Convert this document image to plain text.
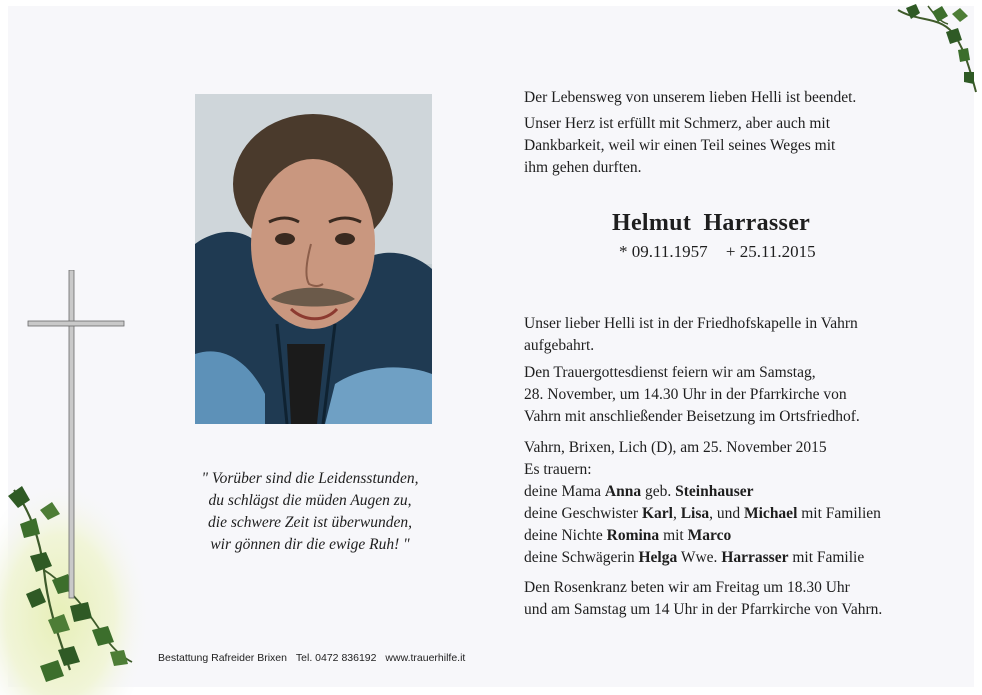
" Vorüber sind die Leidensstunden,
du schlägst die müden Augen zu,
die schwere Zeit ist überwunden,
wir gönnen dir die ewige Ruh! "
Der Lebensweg von unserem lieben Helli ist beendet.
Unser Herz ist erfüllt mit Schmerz, aber auch mit
Dankbarkeit, weil wir einen Teil seines Weges mit
ihm gehen durften.
Helmut Harrasser
* 09.11.1957 + 25.11.2015
Unser lieber Helli ist in der Friedhofskapelle in Vahrn
aufgebahrt.
Den Trauergottesdienst feiern wir am Samstag,
28. November, um 14.30 Uhr in der Pfarrkirche von
Vahrn mit anschließender Beisetzung im Ortsfriedhof.
Vahrn, Brixen, Lich (D), am 25. November 2015
Es trauern:
deine Mama Anna geb. Steinhauser
deine Geschwister Karl, Lisa, und Michael mit Familien
deine Nichte Romina mit Marco
deine Schwägerin Helga Wwe. Harrasser mit Familie
Den Rosenkranz beten wir am Freitag um 18.30 Uhr
und am Samstag um 14 Uhr in der Pfarrkirche von Vahrn.
Bestattung Rafreider Brixen Tel. 0472 836192 www.trauerhilfe.it
